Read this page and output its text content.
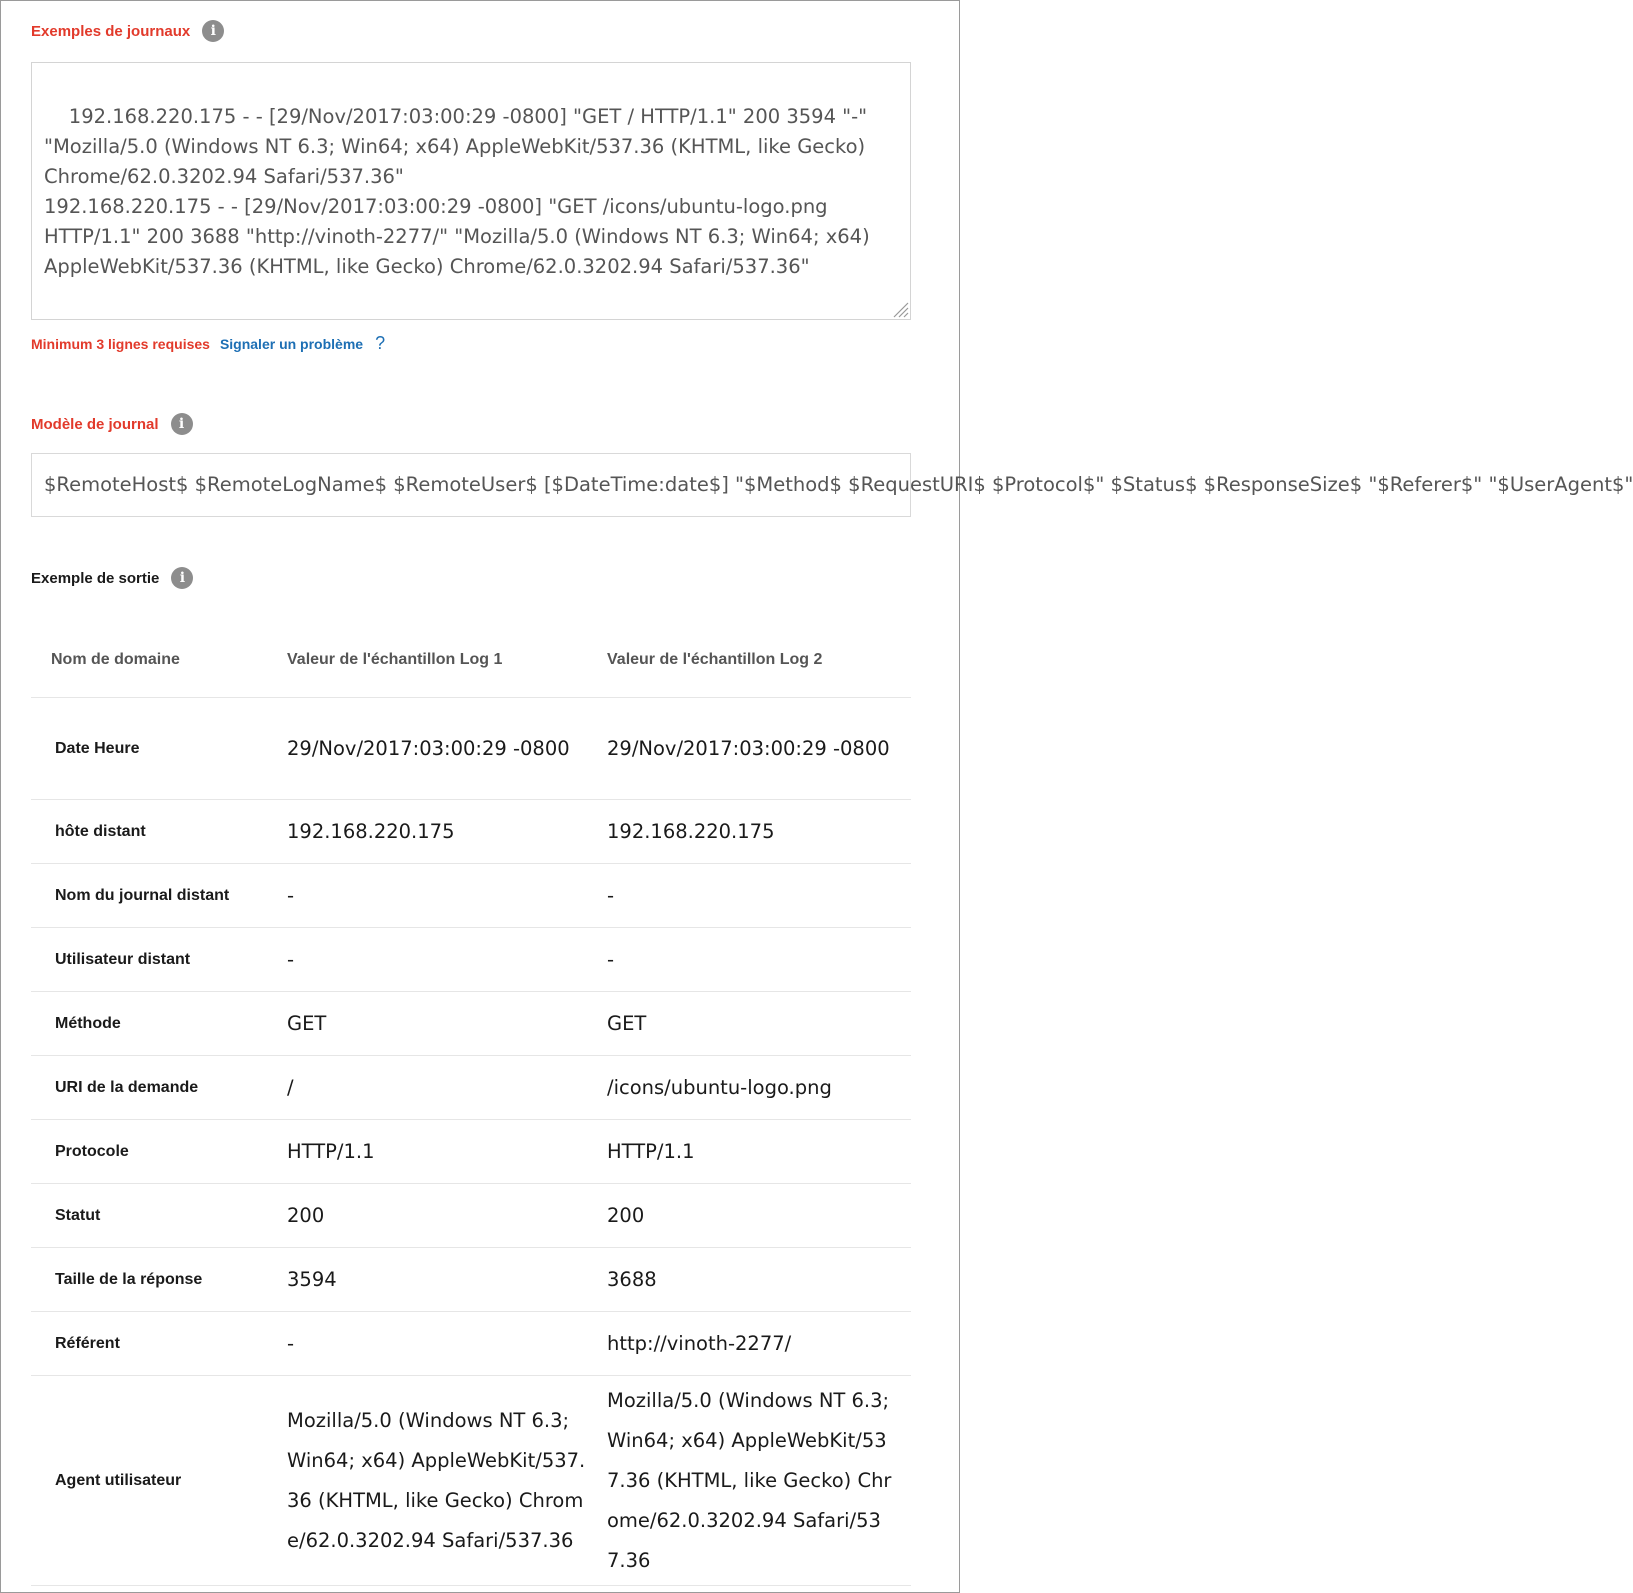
Exemples de journaux	i

192.168.220.175 - - [29/Nov/2017:03:00:29 -0800] "GET / HTTP/1.1" 200 3594 "-" "Mozilla/5.0 (Windows NT 6.3; Win64; x64) AppleWebKit/537.36 (KHTML, like Gecko) Chrome/62.0.3202.94 Safari/537.36"
192.168.220.175 - - [29/Nov/2017:03:00:29 -0800] "GET /icons/ubuntu-logo.png HTTP/1.1" 200 3688 "http://vinoth-2277/" "Mozilla/5.0 (Windows NT 6.3; Win64; x64) AppleWebKit/537.36 (KHTML, like Gecko) Chrome/62.0.3202.94 Safari/537.36"

Minimum 3 lignes requises Signaler un problème ?
Modèle de journal	i
$RemoteHost$ $RemoteLogName$ $RemoteUser$ [$DateTime:date$] "$Method$ $RequestURI$ $Protocol$" $Status$ $ResponseSize$ "$Referer$" "$UserAgent$"
Exemple de sortie	i
Nom de domaine	Valeur de l'échantillon Log 1	Valeur de l'échantillon Log 2
Date Heure	29/Nov/2017:03:00:29 -0800	29/Nov/2017:03:00:29 -0800
hôte distant	192.168.220.175	192.168.220.175
Nom du journal distant	-	-
Utilisateur distant	-	-
Méthode	GET	GET
URI de la demande	/	/icons/ubuntu-logo.png
Protocole	HTTP/1.1	HTTP/1.1
Statut	200	200
Taille de la réponse	3594	3688
Référent	-	http://vinoth-2277/
Agent utilisateur	Mozilla/5.0 (Windows NT 6.3; Win64; x64) AppleWebKit/537.36 (KHTML, like Gecko) Chrome/62.0.3202.94 Safari/537.36	Mozilla/5.0 (Windows NT 6.3; Win64; x64) AppleWebKit/537.36 (KHTML, like Gecko) Chrome/62.0.3202.94 Safari/537.36
